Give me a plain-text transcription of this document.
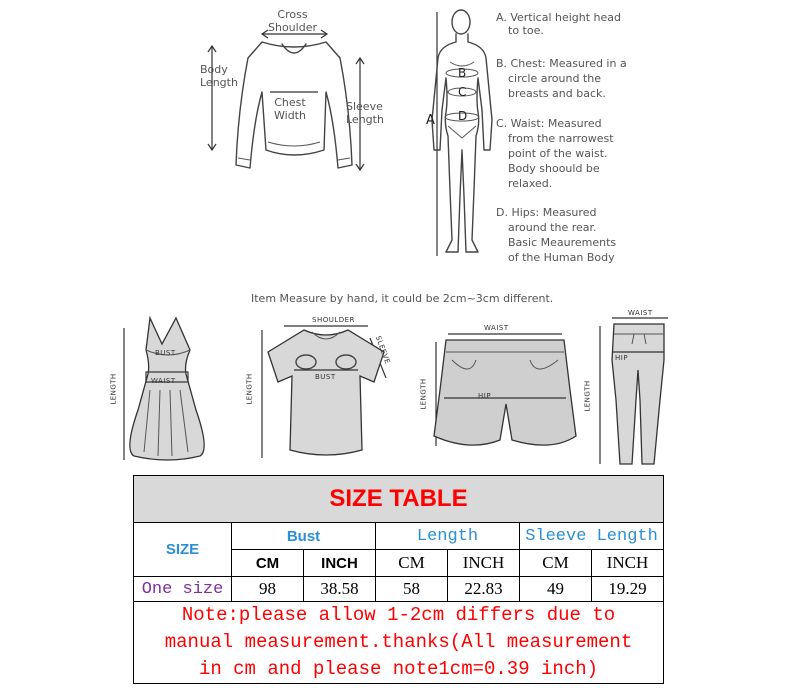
Cross
Shoulder
Body
Length
Chest
Width
Sleeve
Length	A
B
C
D
A. Vertical height head
to toe.
B. Chest: Measured in a
circle around the
breasts and back.
C. Waist: Measured
from the narrowest
point of the waist.
Body shoould be
relaxed.
D. Hips: Measured
around the rear.
Basic Meaurements
of the Human Body
Item Measure by hand, it could be 2cm~3cm different.
BUST
WAIST
LENGTH
SHOULDER
SLEEVE
BUST
LENGTH
WAIST
HIP
LENGTH
WAIST
HIP
LENGTH
SIZE TABLE						
SIZE	Bust		Length		Sleeve Length	
	CM	INCH	CM	INCH	CM	INCH
One size	98	38.58	58	22.83	49	19.29

Note:please allow 1-2cm differs due to
manual measurement.thanks(All measurement
in cm and please note1cm=0.39 inch)						
